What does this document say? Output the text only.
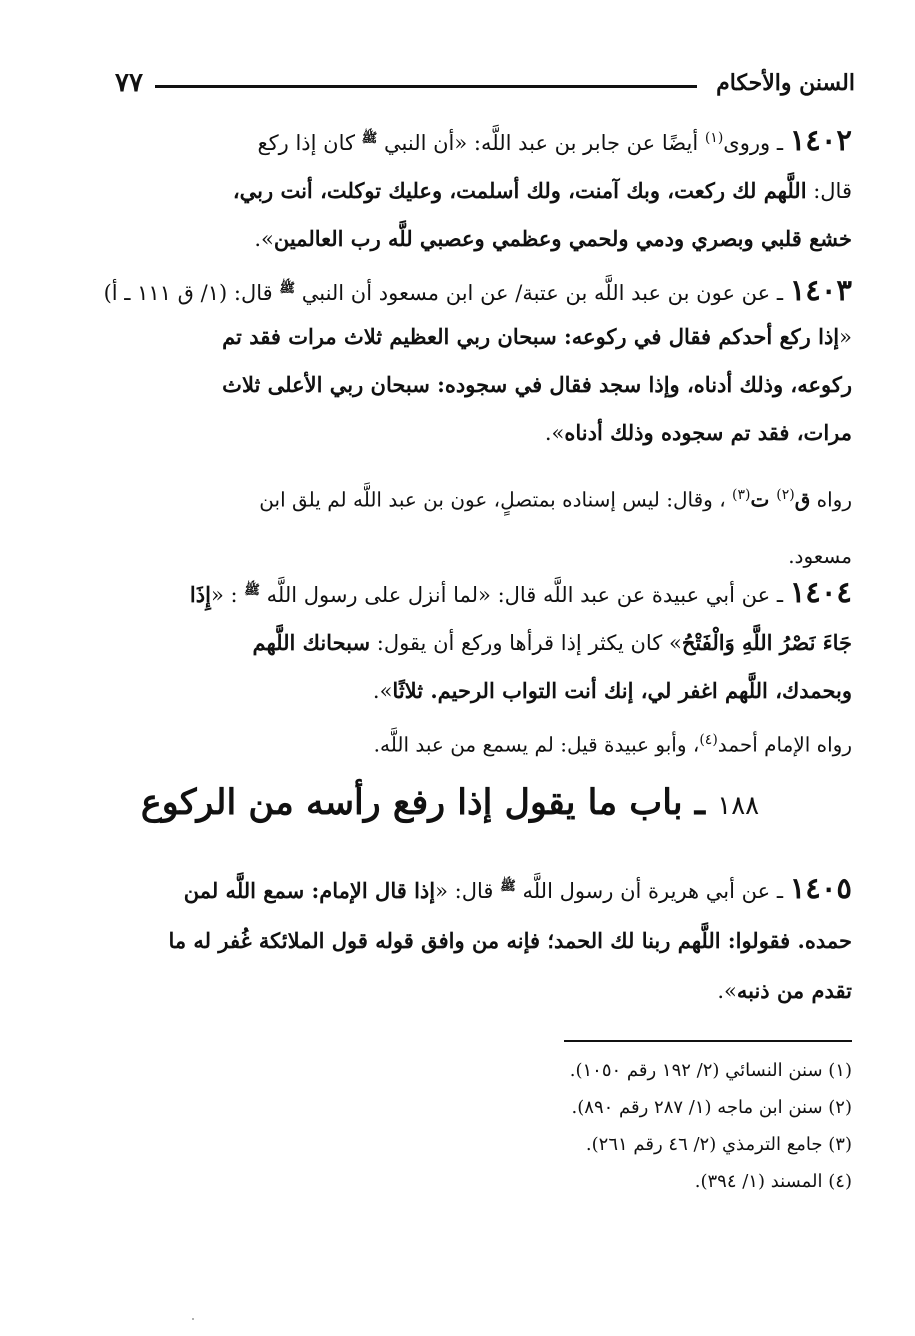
السنن والأحكام
٧٧
١٤٠٢ ـ وروى$^{(١)}$ أيضًا عن جابر بن عبد اللَّه: «أن النبي $^ﷺ$ كان إذا ركع
قال: اللَّهم لك ركعت، وبك آمنت، ولك أسلمت، وعليك توكلت، أنت ربي،
خشع قلبي وبصري ودمي ولحمي وعظمي وعصبي للَّه رب العالمين».
١٤٠٣ ـ عن عون بن عبد اللَّه بن عتبة/ عن ابن مسعود أن النبي $^ﷺ$ قال: (١/ ق ١١١ ـ أ)
«إذا ركع أحدكم فقال في ركوعه: سبحان ربي العظيم ثلاث مرات فقد تم
ركوعه، وذلك أدناه، وإذا سجد فقال في سجوده: سبحان ربي الأعلى ثلاث
مرات، فقد تم سجوده وذلك أدناه».
رواه ق$^{(٢)}$ ت$^{(٣)}$ ، وقال: ليس إسناده بمتصلٍ، عون بن عبد اللَّه لم يلق ابن
مسعود.
١٤٠٤ ـ عن أبي عبيدة عن عبد اللَّه قال: «لما أنزل على رسول اللَّه $^ﷺ$ : «إِذَا
جَاءَ نَصْرُ اللَّهِ وَالْفَتْحُ» كان يكثر إذا قرأها وركع أن يقول: سبحانك اللَّهم
وبحمدك، اللَّهم اغفر لي، إنك أنت التواب الرحيم. ثلاثًا».
رواه الإمام أحمد$^{(٤)}$، وأبو عبيدة قيل: لم يسمع من عبد اللَّه.
١٨٨ ـ باب ما يقول إذا رفع رأسه من الركوع
١٤٠٥ ـ عن أبي هريرة أن رسول اللَّه $^ﷺ$ قال: «إذا قال الإمام: سمع اللَّه لمن
حمده. فقولوا: اللَّهم ربنا لك الحمد؛ فإنه من وافق قوله قول الملائكة غُفر له ما
تقدم من ذنبه».
(١) سنن النسائي (٢/ ١٩٢ رقم ١٠٥٠).
(٢) سنن ابن ماجه (١/ ٢٨٧ رقم ٨٩٠).
(٣) جامع الترمذي (٢/ ٤٦ رقم ٢٦١).
(٤) المسند (١/ ٣٩٤).
